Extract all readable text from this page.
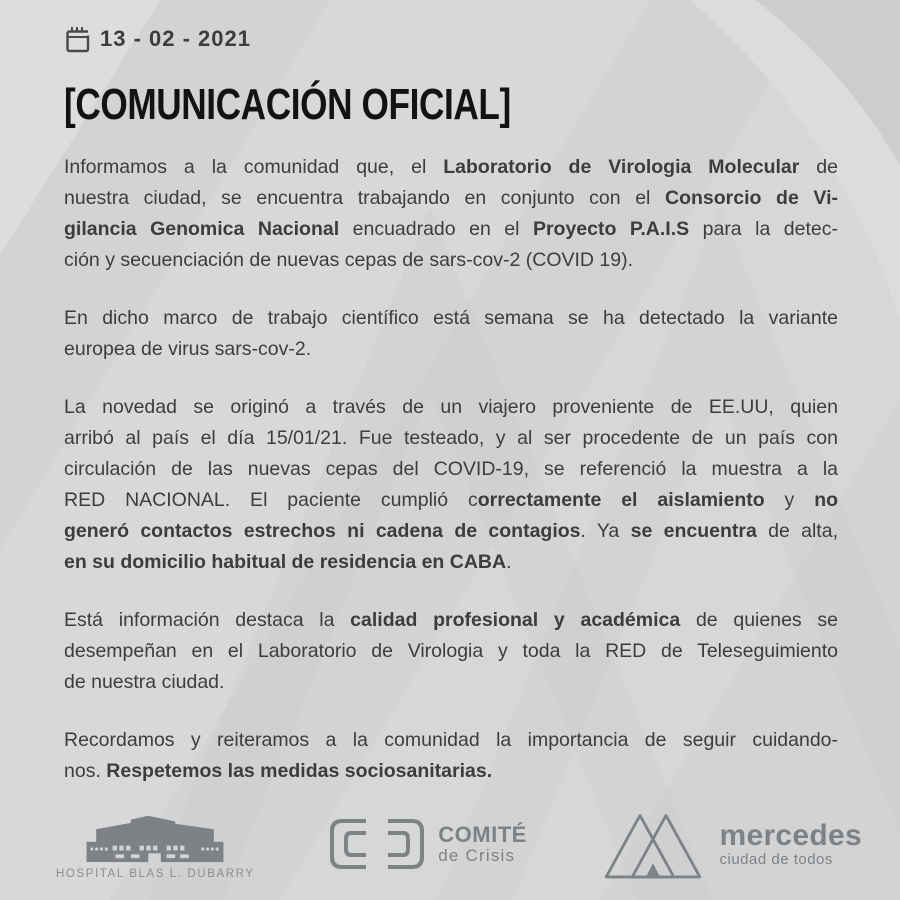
13 - 02 - 2021
[COMUNICACIÓN OFICIAL]

Informamos a la comunidad que, el Laboratorio de Virologia Molecular de
nuestra ciudad, se encuentra trabajando en conjunto con el Consorcio de Vi-
gilancia Genomica Nacional encuadrado en el Proyecto P.A.I.S para la detec-
ción y secuenciación de nuevas cepas de sars-cov-2 (COVID 19).

En dicho marco de trabajo científico está semana se ha detectado la variante
europea de virus sars-cov-2.

La novedad se originó a través de un viajero proveniente de EE.UU, quien
arribó al país el día 15/01/21. Fue testeado, y al ser procedente de un país con
circulación de las nuevas cepas del COVID-19, se referenció la muestra a la
RED NACIONAL. El paciente cumplió correctamente el aislamiento y no
generó contactos estrechos ni cadena de contagios. Ya se encuentra de alta,
en su domicilio habitual de residencia en CABA.

Está información destaca la calidad profesional y académica de quienes se
desempeñan en el Laboratorio de Virologia y toda la RED de Teleseguimiento
de nuestra ciudad.

Recordamos y reiteramos a la comunidad la importancia de seguir cuidando-
nos. Respetemos las medidas sociosanitarias.

HOSPITAL BLAS L. DUBARRY
COMITÉ
de Crisis
mercedes
ciudad de todos
